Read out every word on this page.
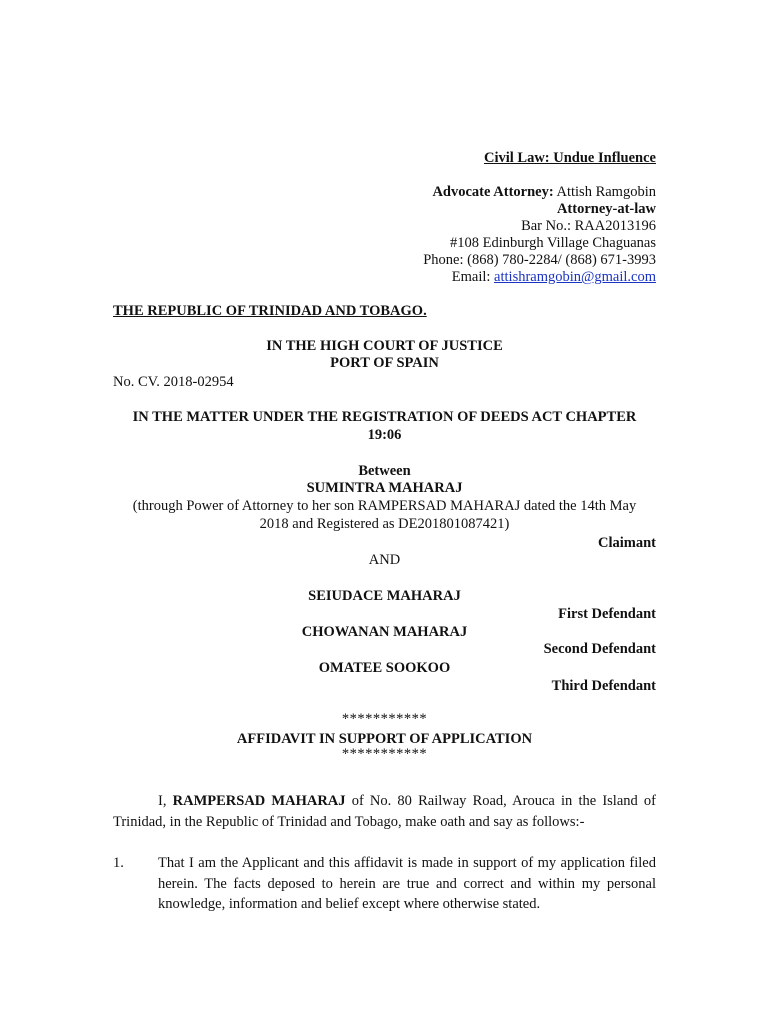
Civil Law: Undue Influence
Advocate Attorney: Attish Ramgobin
Attorney-at-law
Bar No.: RAA2013196
#108 Edinburgh Village Chaguanas
Phone: (868) 780-2284/ (868) 671-3993
Email: attishramgobin@gmail.com
THE REPUBLIC OF TRINIDAD AND TOBAGO.
IN THE HIGH COURT OF JUSTICE
PORT OF SPAIN
No. CV. 2018-02954
IN THE MATTER UNDER THE REGISTRATION OF DEEDS ACT CHAPTER
19:06
Between
SUMINTRA MAHARAJ
(through Power of Attorney to her son RAMPERSAD MAHARAJ dated the 14th May
2018 and Registered as DE201801087421)
Claimant
AND
SEIUDACE MAHARAJ
First Defendant
CHOWANAN MAHARAJ
Second Defendant
OMATEE SOOKOO
Third Defendant
***********
AFFIDAVIT IN SUPPORT OF APPLICATION
***********
I, RAMPERSAD MAHARAJ of No. 80 Railway Road, Arouca in the Island of Trinidad, in the Republic of Trinidad and Tobago, make oath and say as follows:-
1. That I am the Applicant and this affidavit is made in support of my application filed herein. The facts deposed to herein are true and correct and within my personal knowledge, information and belief except where otherwise stated.
